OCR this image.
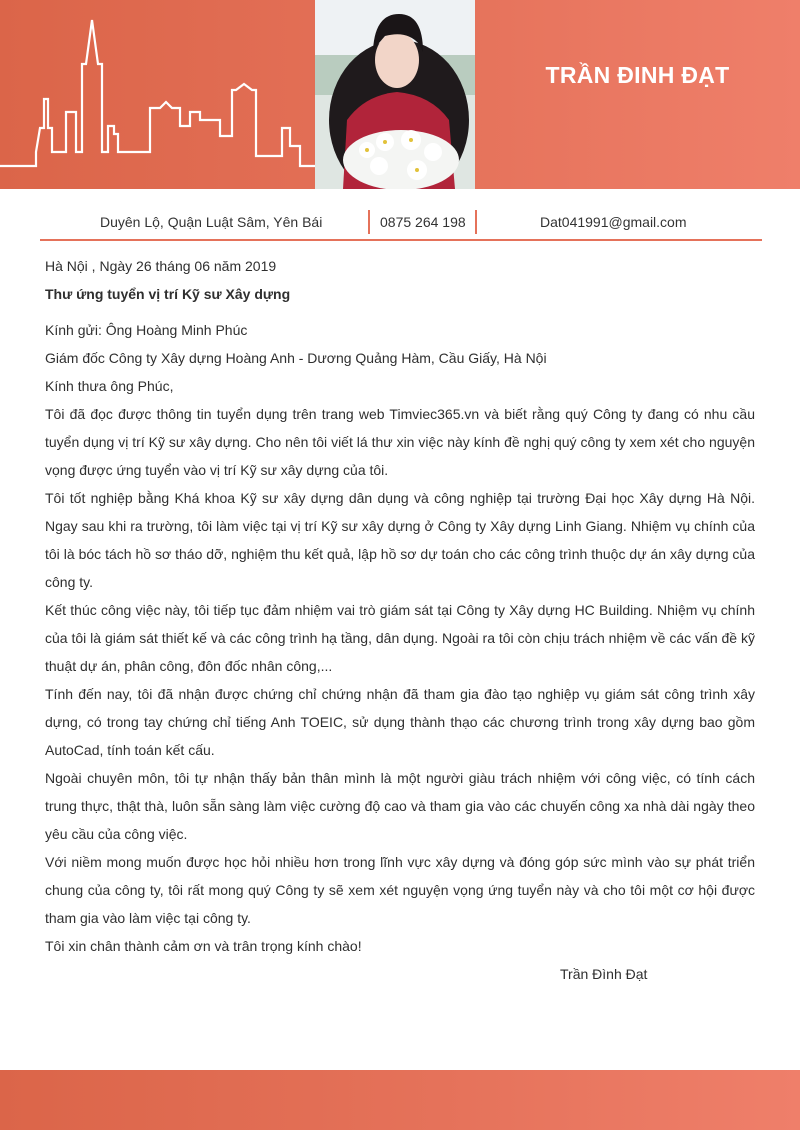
TRẦN ĐINH ĐẠT
Duyên Lộ, Quận Luật Sâm, Yên Bái	0875 264 198	Dat041991@gmail.com

Hà Nội , Ngày 26 tháng 06 năm 2019

Thư ứng tuyển vị trí Kỹ sư Xây dựng

Kính gửi: Ông Hoàng Minh Phúc

Giám đốc Công ty Xây dựng Hoàng Anh - Dương Quảng Hàm, Cầu Giấy, Hà Nội

Kính thưa ông Phúc,

Tôi đã đọc được thông tin tuyển dụng trên trang web Timviec365.vn và biết rằng quý Công ty đang có nhu cầu tuyển dụng vị trí Kỹ sư xây dựng. Cho nên tôi viết lá thư xin việc này kính đề nghị quý công ty xem xét cho nguyện vọng được ứng tuyển vào vị trí Kỹ sư xây dựng của tôi.

Tôi tốt nghiệp bằng Khá khoa Kỹ sư xây dựng dân dụng và công nghiệp tại trường Đại học Xây dựng Hà Nội. Ngay sau khi ra trường, tôi làm việc tại vị trí Kỹ sư xây dựng ở Công ty Xây dựng Linh Giang. Nhiệm vụ chính của tôi là bóc tách hồ sơ tháo dỡ, nghiệm thu kết quả, lập hồ sơ dự toán cho các công trình thuộc dự án xây dựng của công ty.

Kết thúc công việc này, tôi tiếp tục đảm nhiệm vai trò giám sát tại Công ty Xây dựng HC Building. Nhiệm vụ chính của tôi là giám sát thiết kế và các công trình hạ tầng, dân dụng. Ngoài ra tôi còn chịu trách nhiệm về các vấn đề kỹ thuật dự án, phân công, đôn đốc nhân công,...

Tính đến nay, tôi đã nhận được chứng chỉ chứng nhận đã tham gia đào tạo nghiệp vụ giám sát công trình xây dựng, có trong tay chứng chỉ tiếng Anh TOEIC, sử dụng thành thạo các chương trình trong xây dựng bao gồm AutoCad, tính toán kết cấu.

Ngoài chuyên môn, tôi tự nhận thấy bản thân mình là một người giàu trách nhiệm với công việc, có tính cách trung thực, thật thà, luôn sẵn sàng làm việc cường độ cao và tham gia vào các chuyến công xa nhà dài ngày theo yêu cầu của công việc.

Với niềm mong muốn được học hỏi nhiều hơn trong lĩnh vực xây dựng và đóng góp sức mình vào sự phát triển chung của công ty, tôi rất mong quý Công ty sẽ xem xét nguyện vọng ứng tuyển này và cho tôi một cơ hội được tham gia vào làm việc tại công ty.

Tôi xin chân thành cảm ơn và trân trọng kính chào!

Trần Đình Đạt
